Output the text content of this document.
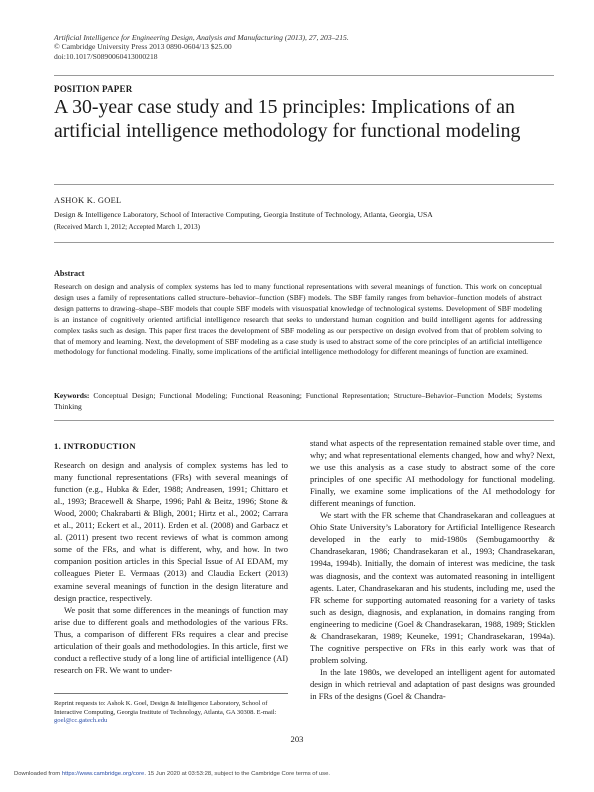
Artificial Intelligence for Engineering Design, Analysis and Manufacturing (2013), 27, 203–215.
© Cambridge University Press 2013 0890-0604/13 $25.00
doi:10.1017/S0890060413000218
POSITION PAPER
A 30-year case study and 15 principles: Implications of an artificial intelligence methodology for functional modeling
ASHOK K. GOEL
Design & Intelligence Laboratory, School of Interactive Computing, Georgia Institute of Technology, Atlanta, Georgia, USA
(Received March 1, 2012; Accepted March 1, 2013)
Abstract
Research on design and analysis of complex systems has led to many functional representations with several meanings of function. This work on conceptual design uses a family of representations called structure–behavior–function (SBF) models. The SBF family ranges from behavior–function models of abstract design patterns to drawing–shape–SBF models that couple SBF models with visuospatial knowledge of technological systems. Development of SBF modeling is an instance of cognitively oriented artificial intelligence research that seeks to understand human cognition and build intelligent agents for addressing complex tasks such as design. This paper first traces the development of SBF modeling as our perspective on design evolved from that of problem solving to that of memory and learning. Next, the development of SBF modeling as a case study is used to abstract some of the core principles of an artificial intelligence methodology for functional modeling. Finally, some implications of the artificial intelligence methodology for different meanings of function are examined.
Keywords: Conceptual Design; Functional Modeling; Functional Reasoning; Functional Representation; Structure–Behavior–Function Models; Systems Thinking
1. INTRODUCTION

Research on design and analysis of complex systems has led to many functional representations (FRs) with several meanings of function (e.g., Hubka & Eder, 1988; Andreasen, 1991; Chittaro et al., 1993; Bracewell & Sharpe, 1996; Pahl & Beitz, 1996; Stone & Wood, 2000; Chakrabarti & Bligh, 2001; Hirtz et al., 2002; Carrara et al., 2011; Eckert et al., 2011). Erden et al. (2008) and Garbacz et al. (2011) present two recent reviews of what is common among some of the FRs, and what is different, why, and how. In two companion position articles in this Special Issue of AI EDAM, my colleagues Pieter E. Vermaas (2013) and Claudia Eckert (2013) examine several meanings of function in the design literature and design practice, respectively.

We posit that some differences in the meanings of function may arise due to different goals and methodologies of the various FRs. Thus, a comparison of different FRs requires a clear and precise articulation of their goals and methodologies. In this article, first we conduct a reflective study of a long line of artificial intelligence (AI) research on FR. We want to under-

stand what aspects of the representation remained stable over time, and why; and what representational elements changed, how and why? Next, we use this analysis as a case study to abstract some of the core principles of one specific AI methodology for functional modeling. Finally, we examine some implications of the AI methodology for different meanings of function.

We start with the FR scheme that Chandrasekaran and colleagues at Ohio State University’s Laboratory for Artificial Intelligence Research developed in the early to mid-1980s (Sembugamoorthy & Chandrasekaran, 1986; Chandrasekaran et al., 1993; Chandrasekaran, 1994a, 1994b). Initially, the domain of interest was medicine, the task was diagnosis, and the context was automated reasoning in intelligent agents. Later, Chandrasekaran and his students, including me, used the FR scheme for supporting automated reasoning for a variety of tasks such as design, diagnosis, and explanation, in domains ranging from engineering to medicine (Goel & Chandrasekaran, 1988, 1989; Sticklen & Chandrasekaran, 1989; Keuneke, 1991; Chandrasekaran, 1994a). The cognitive perspective on FRs in this early work was that of problem solving.

In the late 1980s, we developed an intelligent agent for automated design in which retrieval and adaptation of past designs was grounded in FRs of the designs (Goel & Chandra-

Reprint requests to: Ashok K. Goel, Design & Intelligence Laboratory, School of Interactive Computing, Georgia Institute of Technology, Atlanta, GA 30308. E-mail: goel@cc.gatech.edu
203
Downloaded from https://www.cambridge.org/core. 15 Jun 2020 at 03:53:28, subject to the Cambridge Core terms of use.
